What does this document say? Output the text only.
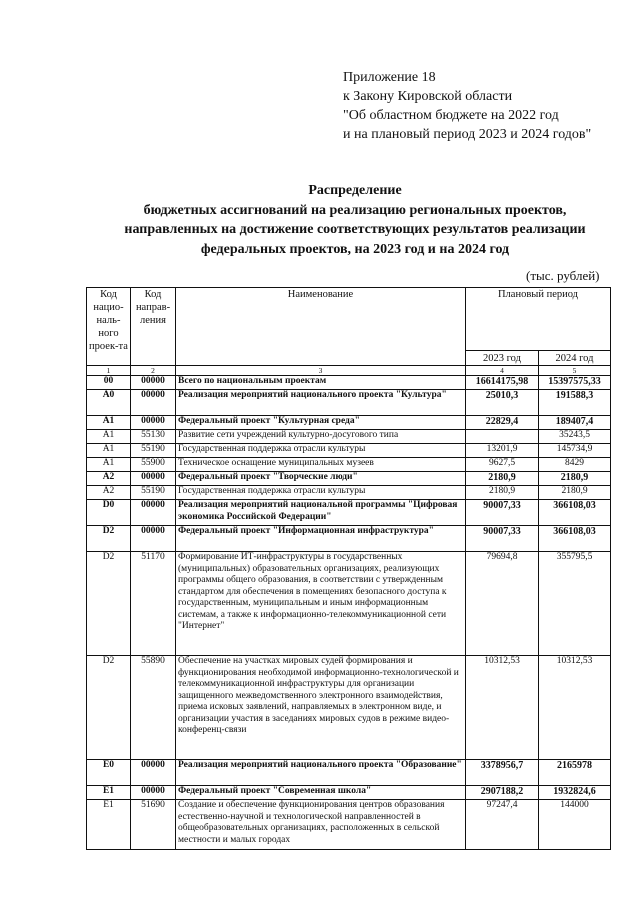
Приложение 18
к Закону Кировской области
"Об областном бюджете на 2022 год
и на плановый период 2023 и 2024 годов"
Распределение
бюджетных ассигнований на реализацию региональных проектов,
направленных на достижение соответствующих результатов реализации
федеральных проектов, на 2023 год и на 2024 год
(тыс. рублей)
Код нацио-наль-ного проек-та	Код направ-ления	Наименование	Плановый период	
			2023 год	2024 год
1	2	3	4	5
00	00000	Всего по национальным проектам	16614175,98	15397575,33
А0	00000	Реализация мероприятий национального проекта "Культура"	25010,3	191588,3
А1	00000	Федеральный проект "Культурная среда"	22829,4	189407,4
А1	55130	Развитие сети учреждений культурно-досугового типа		35243,5
А1	55190	Государственная поддержка отрасли культуры	13201,9	145734,9
А1	55900	Техническое оснащение муниципальных музеев	9627,5	8429
А2	00000	Федеральный проект "Творческие люди"	2180,9	2180,9
А2	55190	Государственная поддержка отрасли культуры	2180,9	2180,9
D0	00000	Реализация мероприятий национальной программы "Цифровая экономика Российской Федерации"	90007,33	366108,03
D2	00000	Федеральный проект "Информационная инфраструктура"	90007,33	366108,03
D2	51170	Формирование ИТ-инфраструктуры в государственных (муниципальных) образовательных организациях, реализующих программы общего образования, в соответствии с утвержденным стандартом для обеспечения в помещениях безопасного доступа к государственным, муниципальным и иным информационным системам, а также к информационно-телекоммуникационной сети "Интернет"	79694,8	355795,5
D2	55890	Обеспечение на участках мировых судей формирования и функционирования необходимой информационно-технологической и телекоммуникационной инфраструктуры для организации защищенного межведомственного электронного взаимодействия, приема исковых заявлений, направляемых в электронном виде, и организации участия в заседаниях мировых судов в режиме видео-конференц-связи	10312,53	10312,53
Е0	00000	Реализация мероприятий национального проекта "Образование"	3378956,7	2165978
Е1	00000	Федеральный проект "Современная школа"	2907188,2	1932824,6
Е1	51690	Создание и обеспечение функционирования центров образования естественно-научной и технологической направленностей в общеобразовательных организациях, расположенных в сельской местности и малых городах	97247,4	144000
